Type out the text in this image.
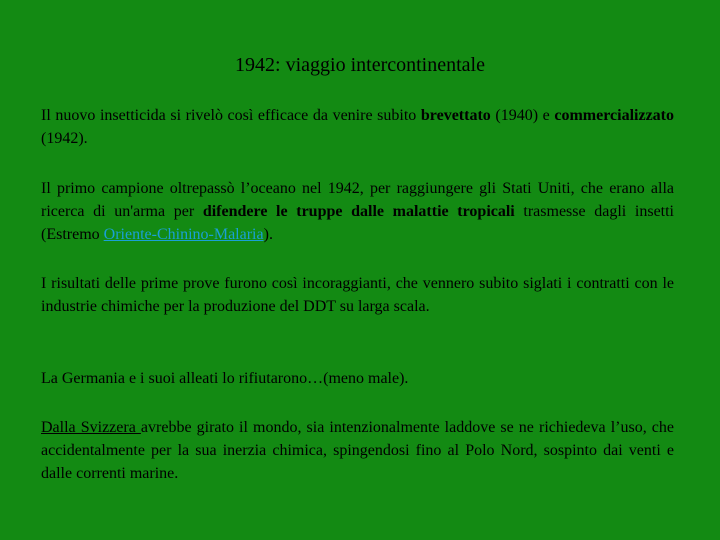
1942: viaggio intercontinentale

Il nuovo insetticida si rivelò così efficace da venire subito brevettato (1940) e commercializzato (1942).

Il primo campione oltrepassò l’oceano nel 1942, per raggiungere gli Stati Uniti, che erano alla ricerca di un'arma per difendere le truppe dalle malattie tropicali trasmesse dagli insetti (Estremo Oriente-Chinino-Malaria).

I risultati delle prime prove furono così incoraggianti, che vennero subito siglati i contratti con le industrie chimiche per la produzione del DDT su larga scala.

La Germania e i suoi alleati lo rifiutarono…(meno male).

Dalla Svizzera avrebbe girato il mondo, sia intenzionalmente laddove se ne richiedeva l’uso, che accidentalmente per la sua inerzia chimica, spingendosi fino al Polo Nord, sospinto dai venti e dalle correnti marine.
